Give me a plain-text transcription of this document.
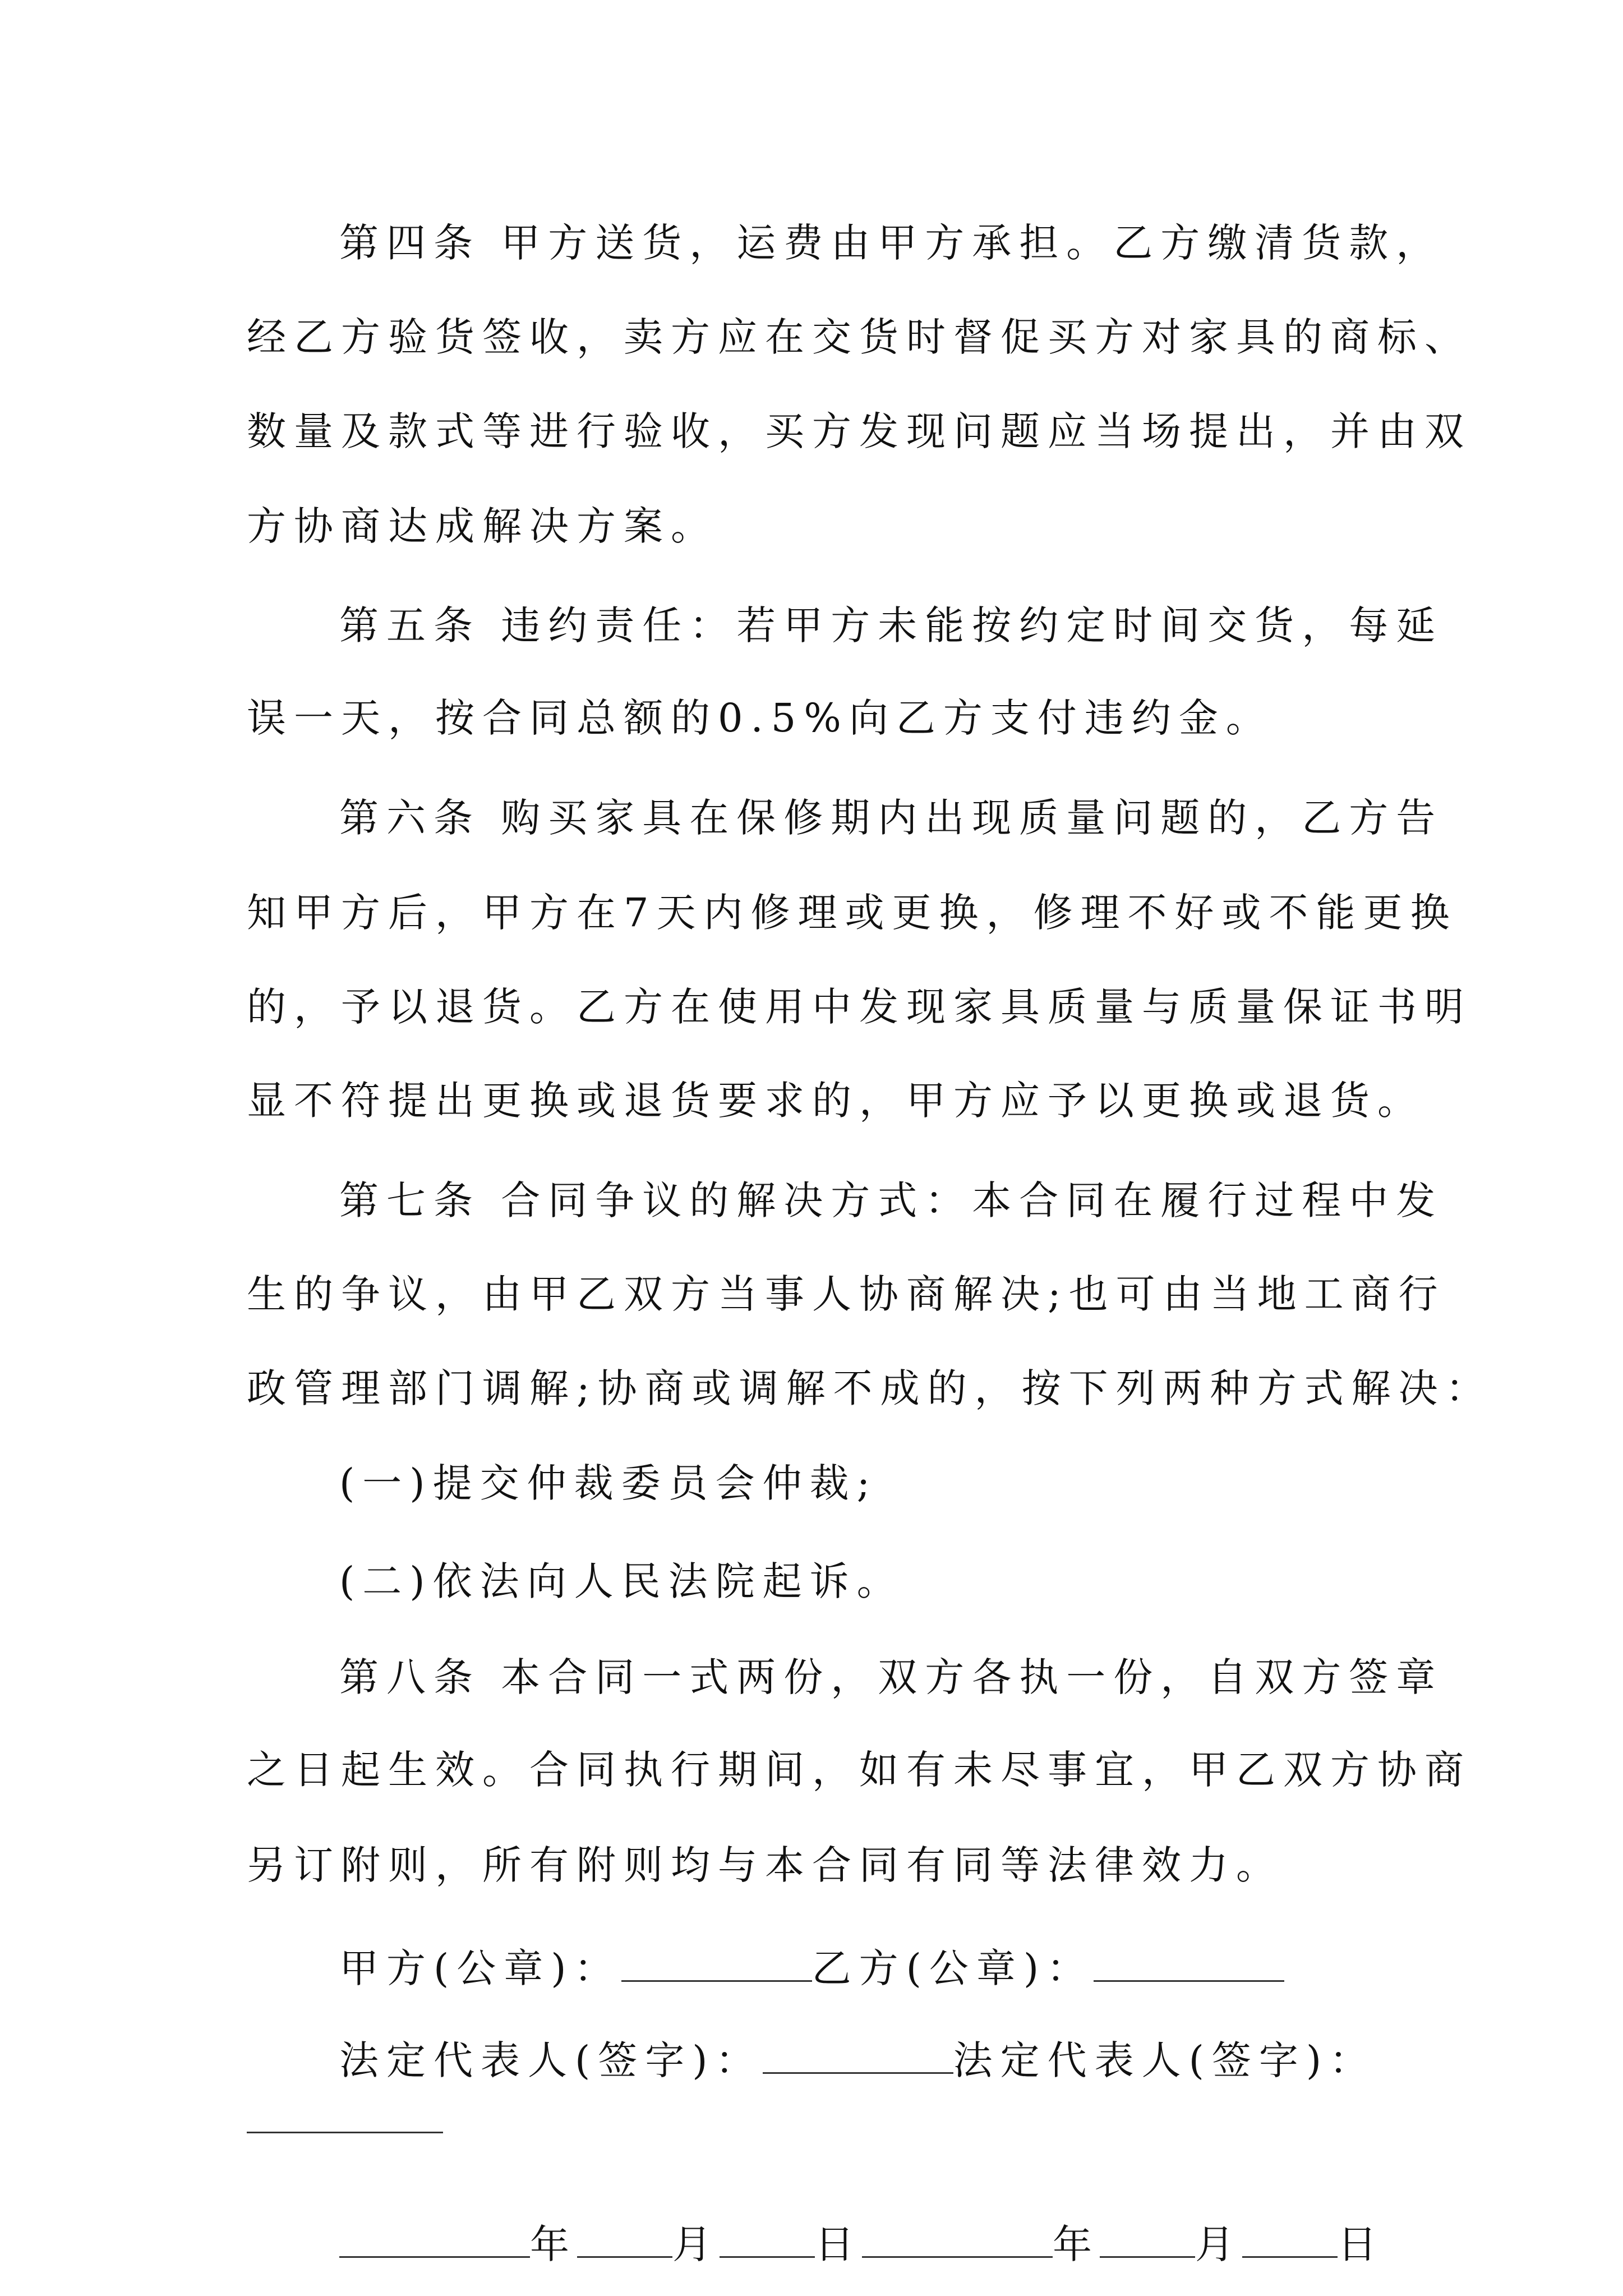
第四条 甲方送货，运费由甲方承担。乙方缴清货款，
经乙方验货签收，卖方应在交货时督促买方对家具的商标、
数量及款式等进行验收，买方发现问题应当场提出，并由双
方协商达成解决方案。
第五条 违约责任：若甲方未能按约定时间交货，每延
误一天，按合同总额的0.5%向乙方支付违约金。
第六条 购买家具在保修期内出现质量问题的，乙方告
知甲方后，甲方在7天内修理或更换，修理不好或不能更换
的，予以退货。乙方在使用中发现家具质量与质量保证书明
显不符提出更换或退货要求的，甲方应予以更换或退货。
第七条 合同争议的解决方式：本合同在履行过程中发
生的争议，由甲乙双方当事人协商解决;也可由当地工商行
政管理部门调解;协商或调解不成的，按下列两种方式解决：
(一)提交仲裁委员会仲裁;
(二)依法向人民法院起诉。
第八条 本合同一式两份，双方各执一份，自双方签章
之日起生效。合同执行期间，如有未尽事宜，甲乙双方协商
另订附则，所有附则均与本合同有同等法律效力。
甲方(公章)：	乙方(公章)：
法定代表人(签字)：	法定代表人(签字)：
年 月 日	年 月 日
